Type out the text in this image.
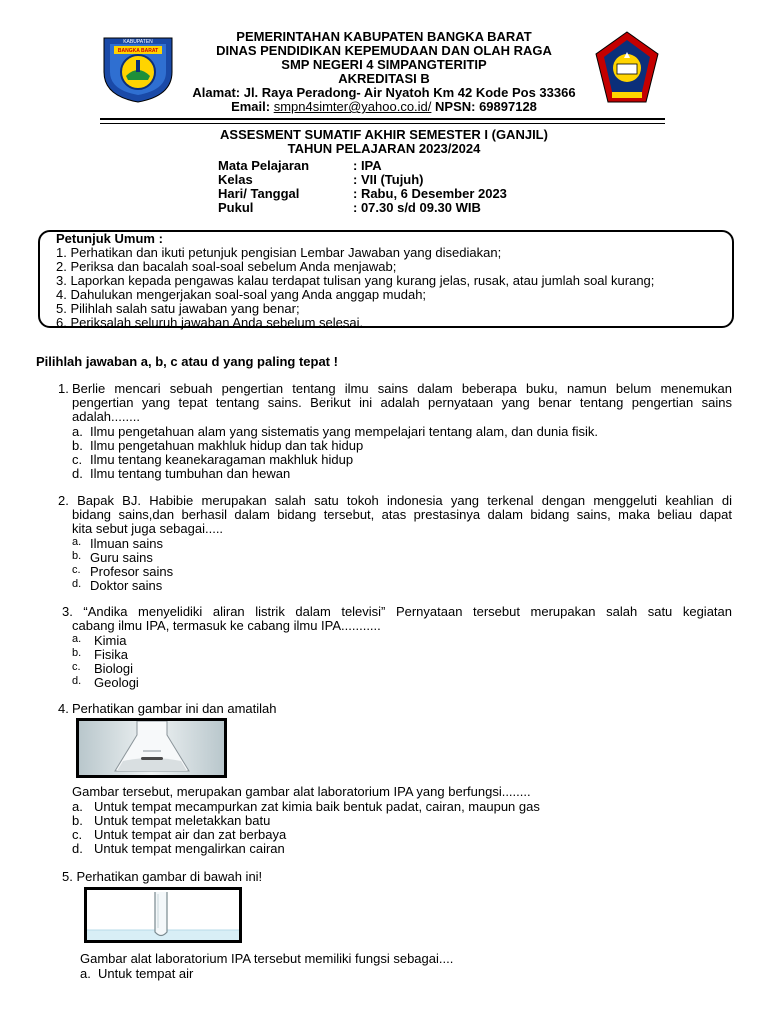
KABUPATEN
BANGKA BARAT
PEMERINTAHAN KABUPATEN BANGKA BARAT
DINAS PENDIDIKAN KEPEMUDAAN DAN OLAH RAGA
SMP NEGERI 4 SIMPANGTERITIP
AKREDITASI B
Alamat: Jl. Raya Peradong- Air Nyatoh Km 42 Kode Pos 33366
Email: smpn4simter@yahoo.co.id/ NPSN: 69897128
ASSESMENT SUMATIF AKHIR SEMESTER I (GANJIL)
TAHUN PELAJARAN 2023/2024
Mata Pelajaran	: IPA
Kelas	: VII (Tujuh)
Hari/ Tanggal	: Rabu, 6 Desember 2023
Pukul	: 07.30 s/d 09.30 WIB
Petunjuk Umum :
1. Perhatikan dan ikuti petunjuk pengisian Lembar Jawaban yang disediakan;
2. Periksa dan bacalah soal-soal sebelum Anda menjawab;
3. Laporkan kepada pengawas kalau terdapat tulisan yang kurang jelas, rusak, atau jumlah soal kurang;
4. Dahulukan mengerjakan soal-soal yang Anda anggap mudah;
5. Pilihlah salah satu jawaban yang benar;
6. Periksalah seluruh jawaban Anda sebelum selesai.
Pilihlah jawaban a, b, c atau d yang paling tepat !
1. Berlie mencari sebuah pengertian tentang ilmu sains dalam beberapa buku, namun belum menemukan
pengertian yang tepat tentang sains. Berikut ini adalah pernyataan yang benar tentang pengertian sains
adalah........
a. Ilmu pengetahuan alam yang sistematis yang mempelajari tentang alam, dan dunia fisik.
b. Ilmu pengetahuan makhluk hidup dan tak hidup
c. Ilmu tentang keanekaragaman makhluk hidup
d. Ilmu tentang tumbuhan dan hewan
2. Bapak BJ. Habibie merupakan salah satu tokoh indonesia yang terkenal dengan menggeluti keahlian di
bidang sains,dan berhasil dalam bidang tersebut, atas prestasinya dalam bidang sains, maka beliau dapat
kita sebut juga sebagai.....
a. Ilmuan sains
b. Guru sains
c. Profesor sains
d. Doktor sains
3. “Andika menyelidiki aliran listrik dalam televisi” Pernyataan tersebut merupakan salah satu kegiatan
cabang ilmu IPA, termasuk ke cabang ilmu IPA...........
a. Kimia
b. Fisika
c. Biologi
d. Geologi
4. Perhatikan gambar ini dan amatilah
Gambar tersebut, merupakan gambar alat laboratorium IPA yang berfungsi........
a. Untuk tempat mecampurkan zat kimia baik bentuk padat, cairan, maupun gas
b. Untuk tempat meletakkan batu
c. Untuk tempat air dan zat berbaya
d. Untuk tempat mengalirkan cairan
5. Perhatikan gambar di bawah ini!
Gambar alat laboratorium IPA tersebut memiliki fungsi sebagai....
a. Untuk tempat air
